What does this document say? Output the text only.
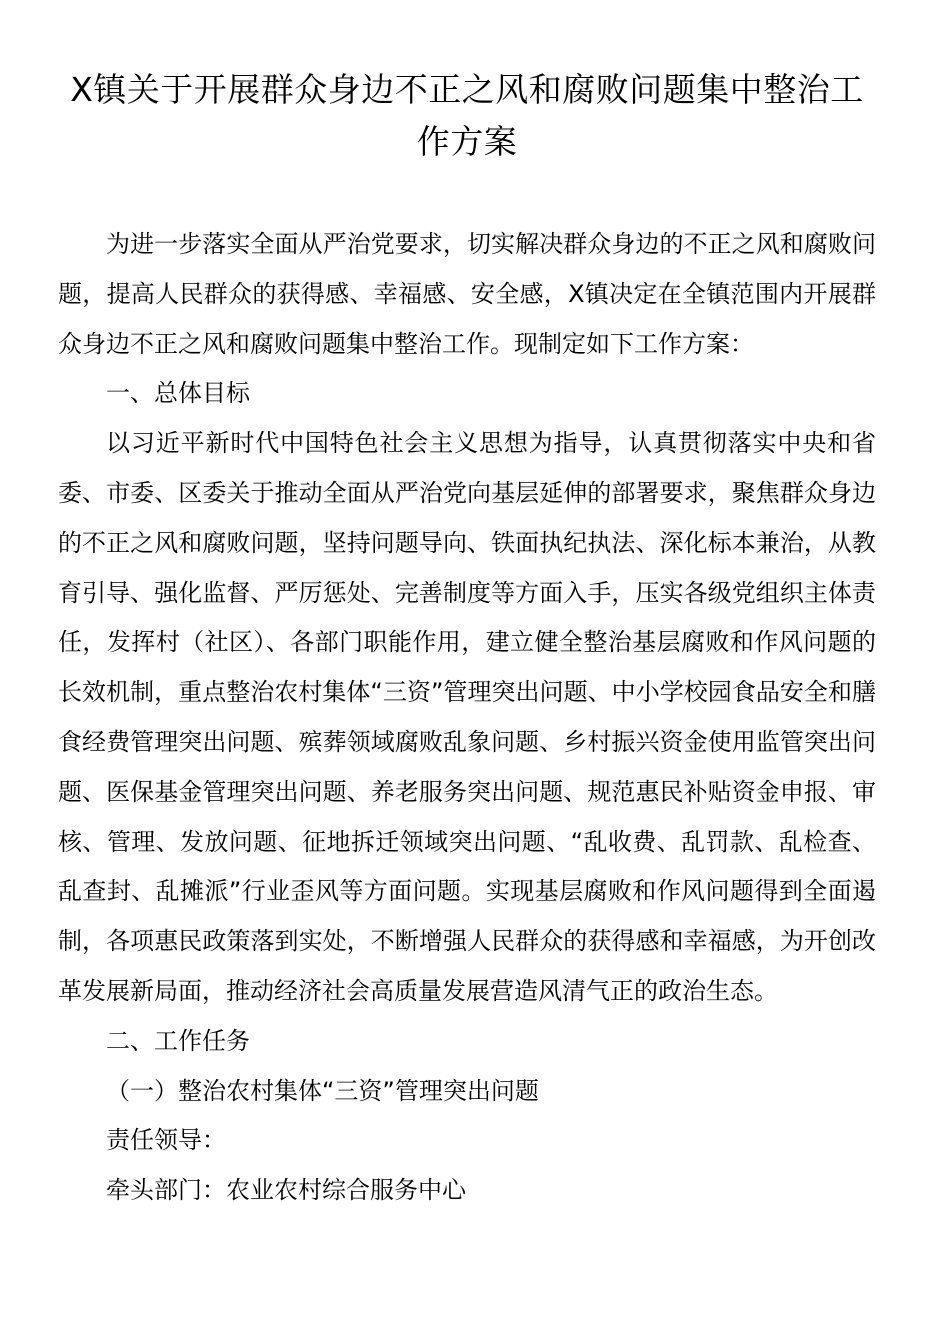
X镇关于开展群众身边不正之风和腐败问题集中整治工作方案

为进一步落实全面从严治党要求，切实解决群众身边的不正之风和腐败问题，提高人民群众的获得感、幸福感、安全感，X镇决定在全镇范围内开展群众身边不正之风和腐败问题集中整治工作。现制定如下工作方案：

一、总体目标

以习近平新时代中国特色社会主义思想为指导，认真贯彻落实中央和省委、市委、区委关于推动全面从严治党向基层延伸的部署要求，聚焦群众身边的不正之风和腐败问题，坚持问题导向、铁面执纪执法、深化标本兼治，从教育引导、强化监督、严厉惩处、完善制度等方面入手，压实各级党组织主体责任，发挥村（社区）、各部门职能作用，建立健全整治基层腐败和作风问题的长效机制，重点整治农村集体“三资”管理突出问题、中小学校园食品安全和膳食经费管理突出问题、殡葬领域腐败乱象问题、乡村振兴资金使用监管突出问题、医保基金管理突出问题、养老服务突出问题、规范惠民补贴资金申报、审核、管理、发放问题、征地拆迁领域突出问题、“乱收费、乱罚款、乱检查、乱查封、乱摊派”行业歪风等方面问题。实现基层腐败和作风问题得到全面遏制，各项惠民政策落到实处，不断增强人民群众的获得感和幸福感，为开创改革发展新局面，推动经济社会高质量发展营造风清气正的政治生态。

二、工作任务

（一）整治农村集体“三资”管理突出问题

责任领导：

牵头部门：农业农村综合服务中心
